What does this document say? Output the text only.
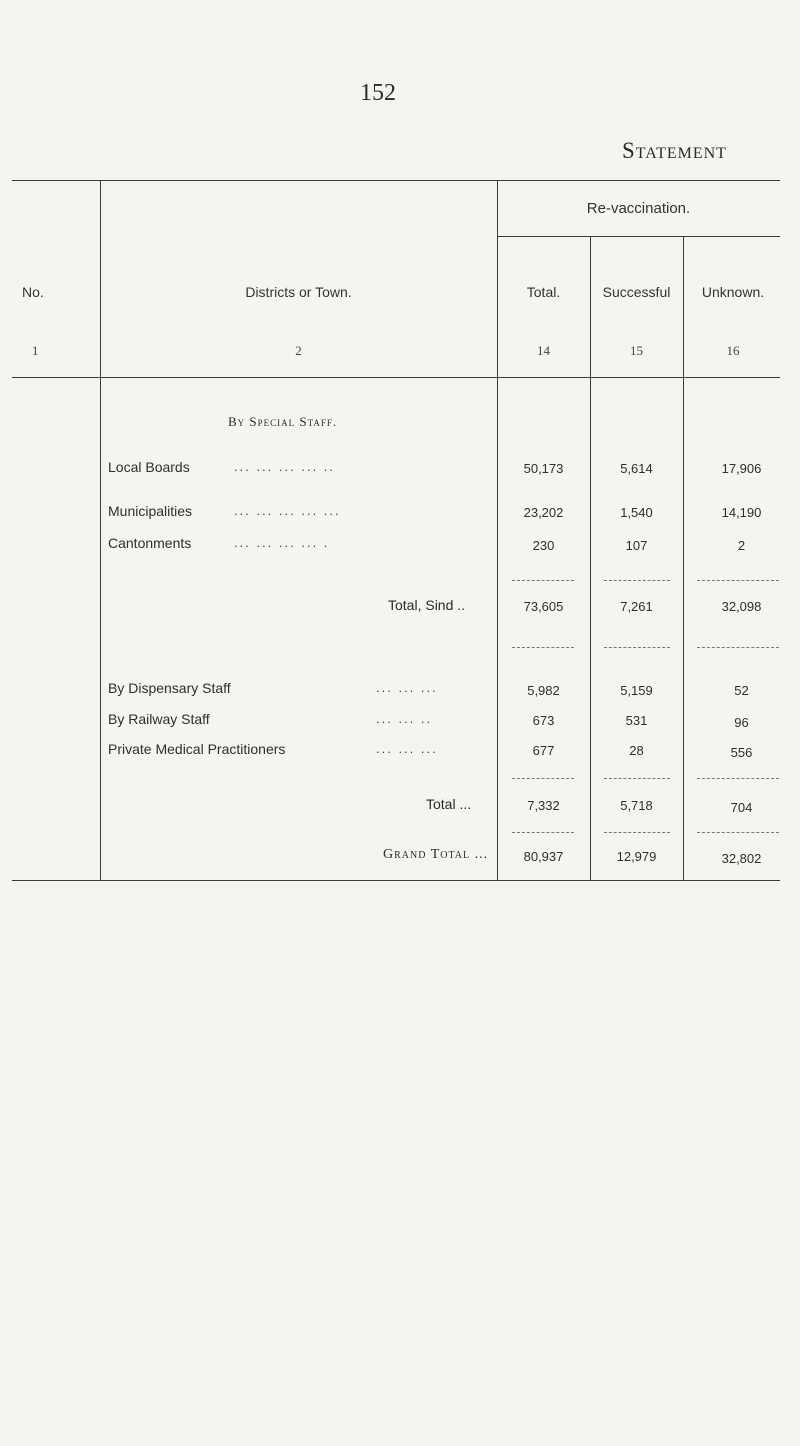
152
Statement
Re-vaccination.
No.	Districts or Town.	Total.	Successful	Unknown.
1	2	14	15	16
By Special Staff.
Local Boards	... ... ... ... ..	50,173	5,614	17,906
Municipalities	... ... ... ... ...	23,202	1,540	14,190
Cantonments	... ... ... ... .	230	107	2
Total, Sind ..	73,605	7,261	32,098
By Dispensary Staff	... ... ...	5,982	5,159	52
By Railway Staff	... ... ..	673	531	96
Private Medical Practitioners	... ... ...	677	28	556
Total ...	7,332	5,718	704
Grand Total ...	80,937	12,979	32,802
